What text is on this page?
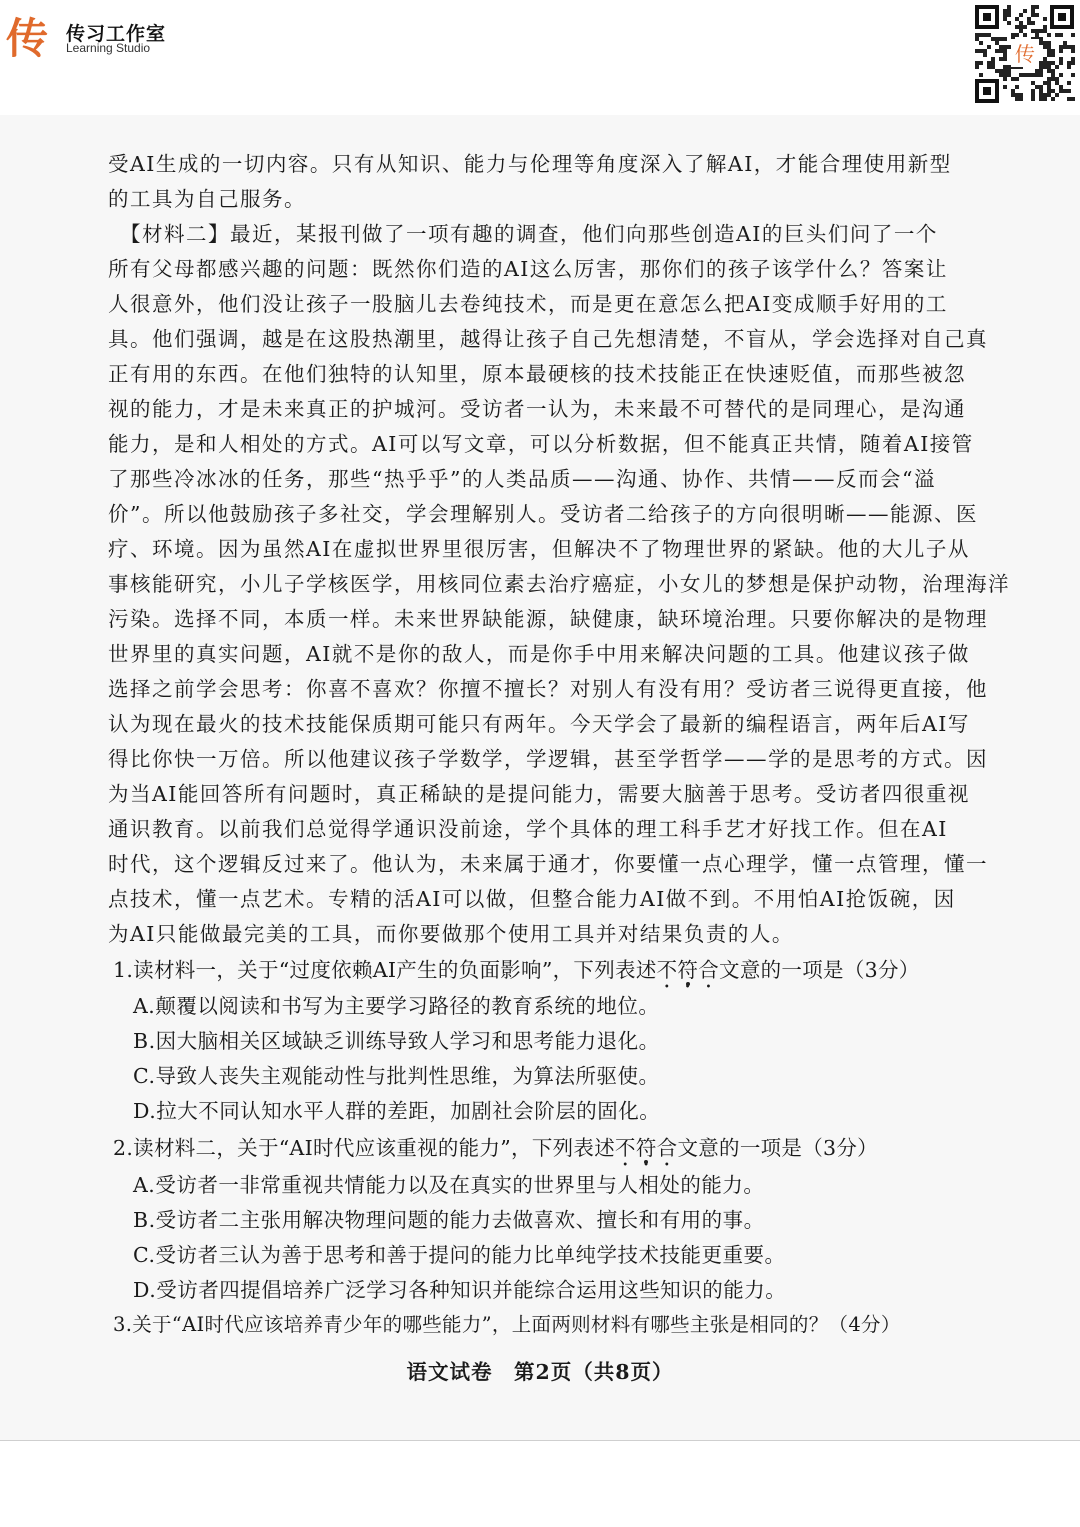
传 传习工作室
Learning Studio	传
受AI生成的一切内容。只有从知识、能力与伦理等角度深入了解AI，才能合理使用新型
的工具为自己服务。
【材料二】最近，某报刊做了一项有趣的调查，他们向那些创造AI的巨头们问了一个
所有父母都感兴趣的问题：既然你们造的AI这么厉害，那你们的孩子该学什么？答案让
人很意外，他们没让孩子一股脑儿去卷纯技术，而是更在意怎么把AI变成顺手好用的工
具。他们强调，越是在这股热潮里，越得让孩子自己先想清楚，不盲从，学会选择对自己真
正有用的东西。在他们独特的认知里，原本最硬核的技术技能正在快速贬值，而那些被忽
视的能力，才是未来真正的护城河。受访者一认为，未来最不可替代的是同理心，是沟通
能力，是和人相处的方式。AI可以写文章，可以分析数据，但不能真正共情，随着AI接管
了那些冷冰冰的任务，那些“热乎乎”的人类品质——沟通、协作、共情——反而会“溢
价”。所以他鼓励孩子多社交，学会理解别人。受访者二给孩子的方向很明晰——能源、医
疗、环境。因为虽然AI在虚拟世界里很厉害，但解决不了物理世界的紧缺。他的大儿子从
事核能研究，小儿子学核医学，用核同位素去治疗癌症，小女儿的梦想是保护动物，治理海洋
污染。选择不同，本质一样。未来世界缺能源，缺健康，缺环境治理。只要你解决的是物理
世界里的真实问题，AI就不是你的敌人，而是你手中用来解决问题的工具。他建议孩子做
选择之前学会思考：你喜不喜欢？你擅不擅长？对别人有没有用？受访者三说得更直接，他
认为现在最火的技术技能保质期可能只有两年。今天学会了最新的编程语言，两年后AI写
得比你快一万倍。所以他建议孩子学数学，学逻辑，甚至学哲学——学的是思考的方式。因
为当AI能回答所有问题时，真正稀缺的是提问能力，需要大脑善于思考。受访者四很重视
通识教育。以前我们总觉得学通识没前途，学个具体的理工科手艺才好找工作。但在AI
时代，这个逻辑反过来了。他认为，未来属于通才，你要懂一点心理学，懂一点管理，懂一
点技术，懂一点艺术。专精的活AI可以做，但整合能力AI做不到。不用怕AI抢饭碗，因
为AI只能做最完美的工具，而你要做那个使用工具并对结果负责的人。
1.读材料一，关于“过度依赖AI产生的负面影响”，下列表述不符合文意的一项是（3分）
A.颠覆以阅读和书写为主要学习路径的教育系统的地位。
B.因大脑相关区域缺乏训练导致人学习和思考能力退化。
C.导致人丧失主观能动性与批判性思维，为算法所驱使。
D.拉大不同认知水平人群的差距，加剧社会阶层的固化。
2.读材料二，关于“AI时代应该重视的能力”，下列表述不符合文意的一项是（3分）
A.受访者一非常重视共情能力以及在真实的世界里与人相处的能力。
B.受访者二主张用解决物理问题的能力去做喜欢、擅长和有用的事。
C.受访者三认为善于思考和善于提问的能力比单纯学技术技能更重要。
D.受访者四提倡培养广泛学习各种知识并能综合运用这些知识的能力。
3.关于“AI时代应该培养青少年的哪些能力”，上面两则材料有哪些主张是相同的？（4分）
语文试卷　第2页（共8页）
